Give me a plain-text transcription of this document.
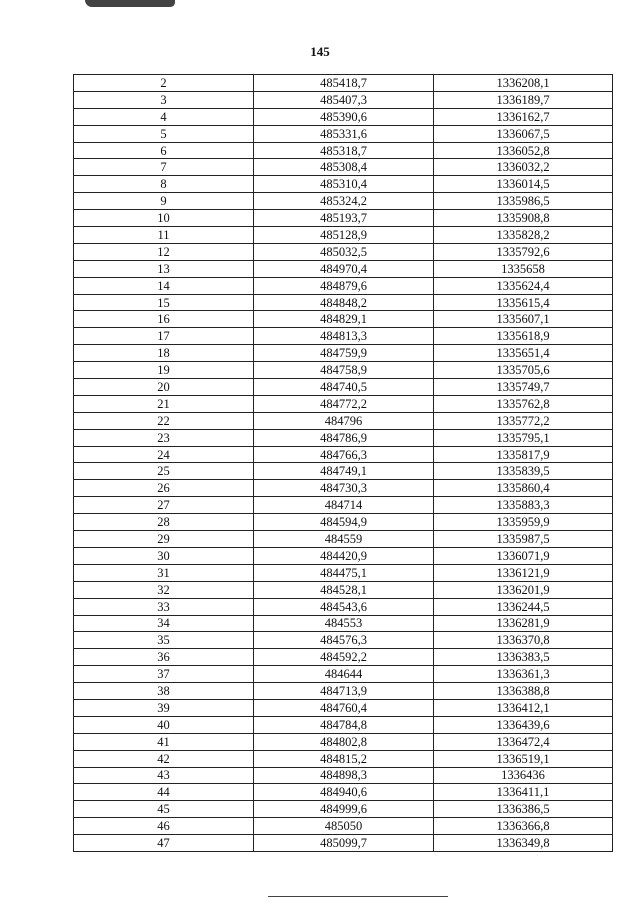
145
2	485418,7	1336208,1
3	485407,3	1336189,7
4	485390,6	1336162,7
5	485331,6	1336067,5
6	485318,7	1336052,8
7	485308,4	1336032,2
8	485310,4	1336014,5
9	485324,2	1335986,5
10	485193,7	1335908,8
11	485128,9	1335828,2
12	485032,5	1335792,6
13	484970,4	1335658
14	484879,6	1335624,4
15	484848,2	1335615,4
16	484829,1	1335607,1
17	484813,3	1335618,9
18	484759,9	1335651,4
19	484758,9	1335705,6
20	484740,5	1335749,7
21	484772,2	1335762,8
22	484796	1335772,2
23	484786,9	1335795,1
24	484766,3	1335817,9
25	484749,1	1335839,5
26	484730,3	1335860,4
27	484714	1335883,3
28	484594,9	1335959,9
29	484559	1335987,5
30	484420,9	1336071,9
31	484475,1	1336121,9
32	484528,1	1336201,9
33	484543,6	1336244,5
34	484553	1336281,9
35	484576,3	1336370,8
36	484592,2	1336383,5
37	484644	1336361,3
38	484713,9	1336388,8
39	484760,4	1336412,1
40	484784,8	1336439,6
41	484802,8	1336472,4
42	484815,2	1336519,1
43	484898,3	1336436
44	484940,6	1336411,1
45	484999,6	1336386,5
46	485050	1336366,8
47	485099,7	1336349,8
